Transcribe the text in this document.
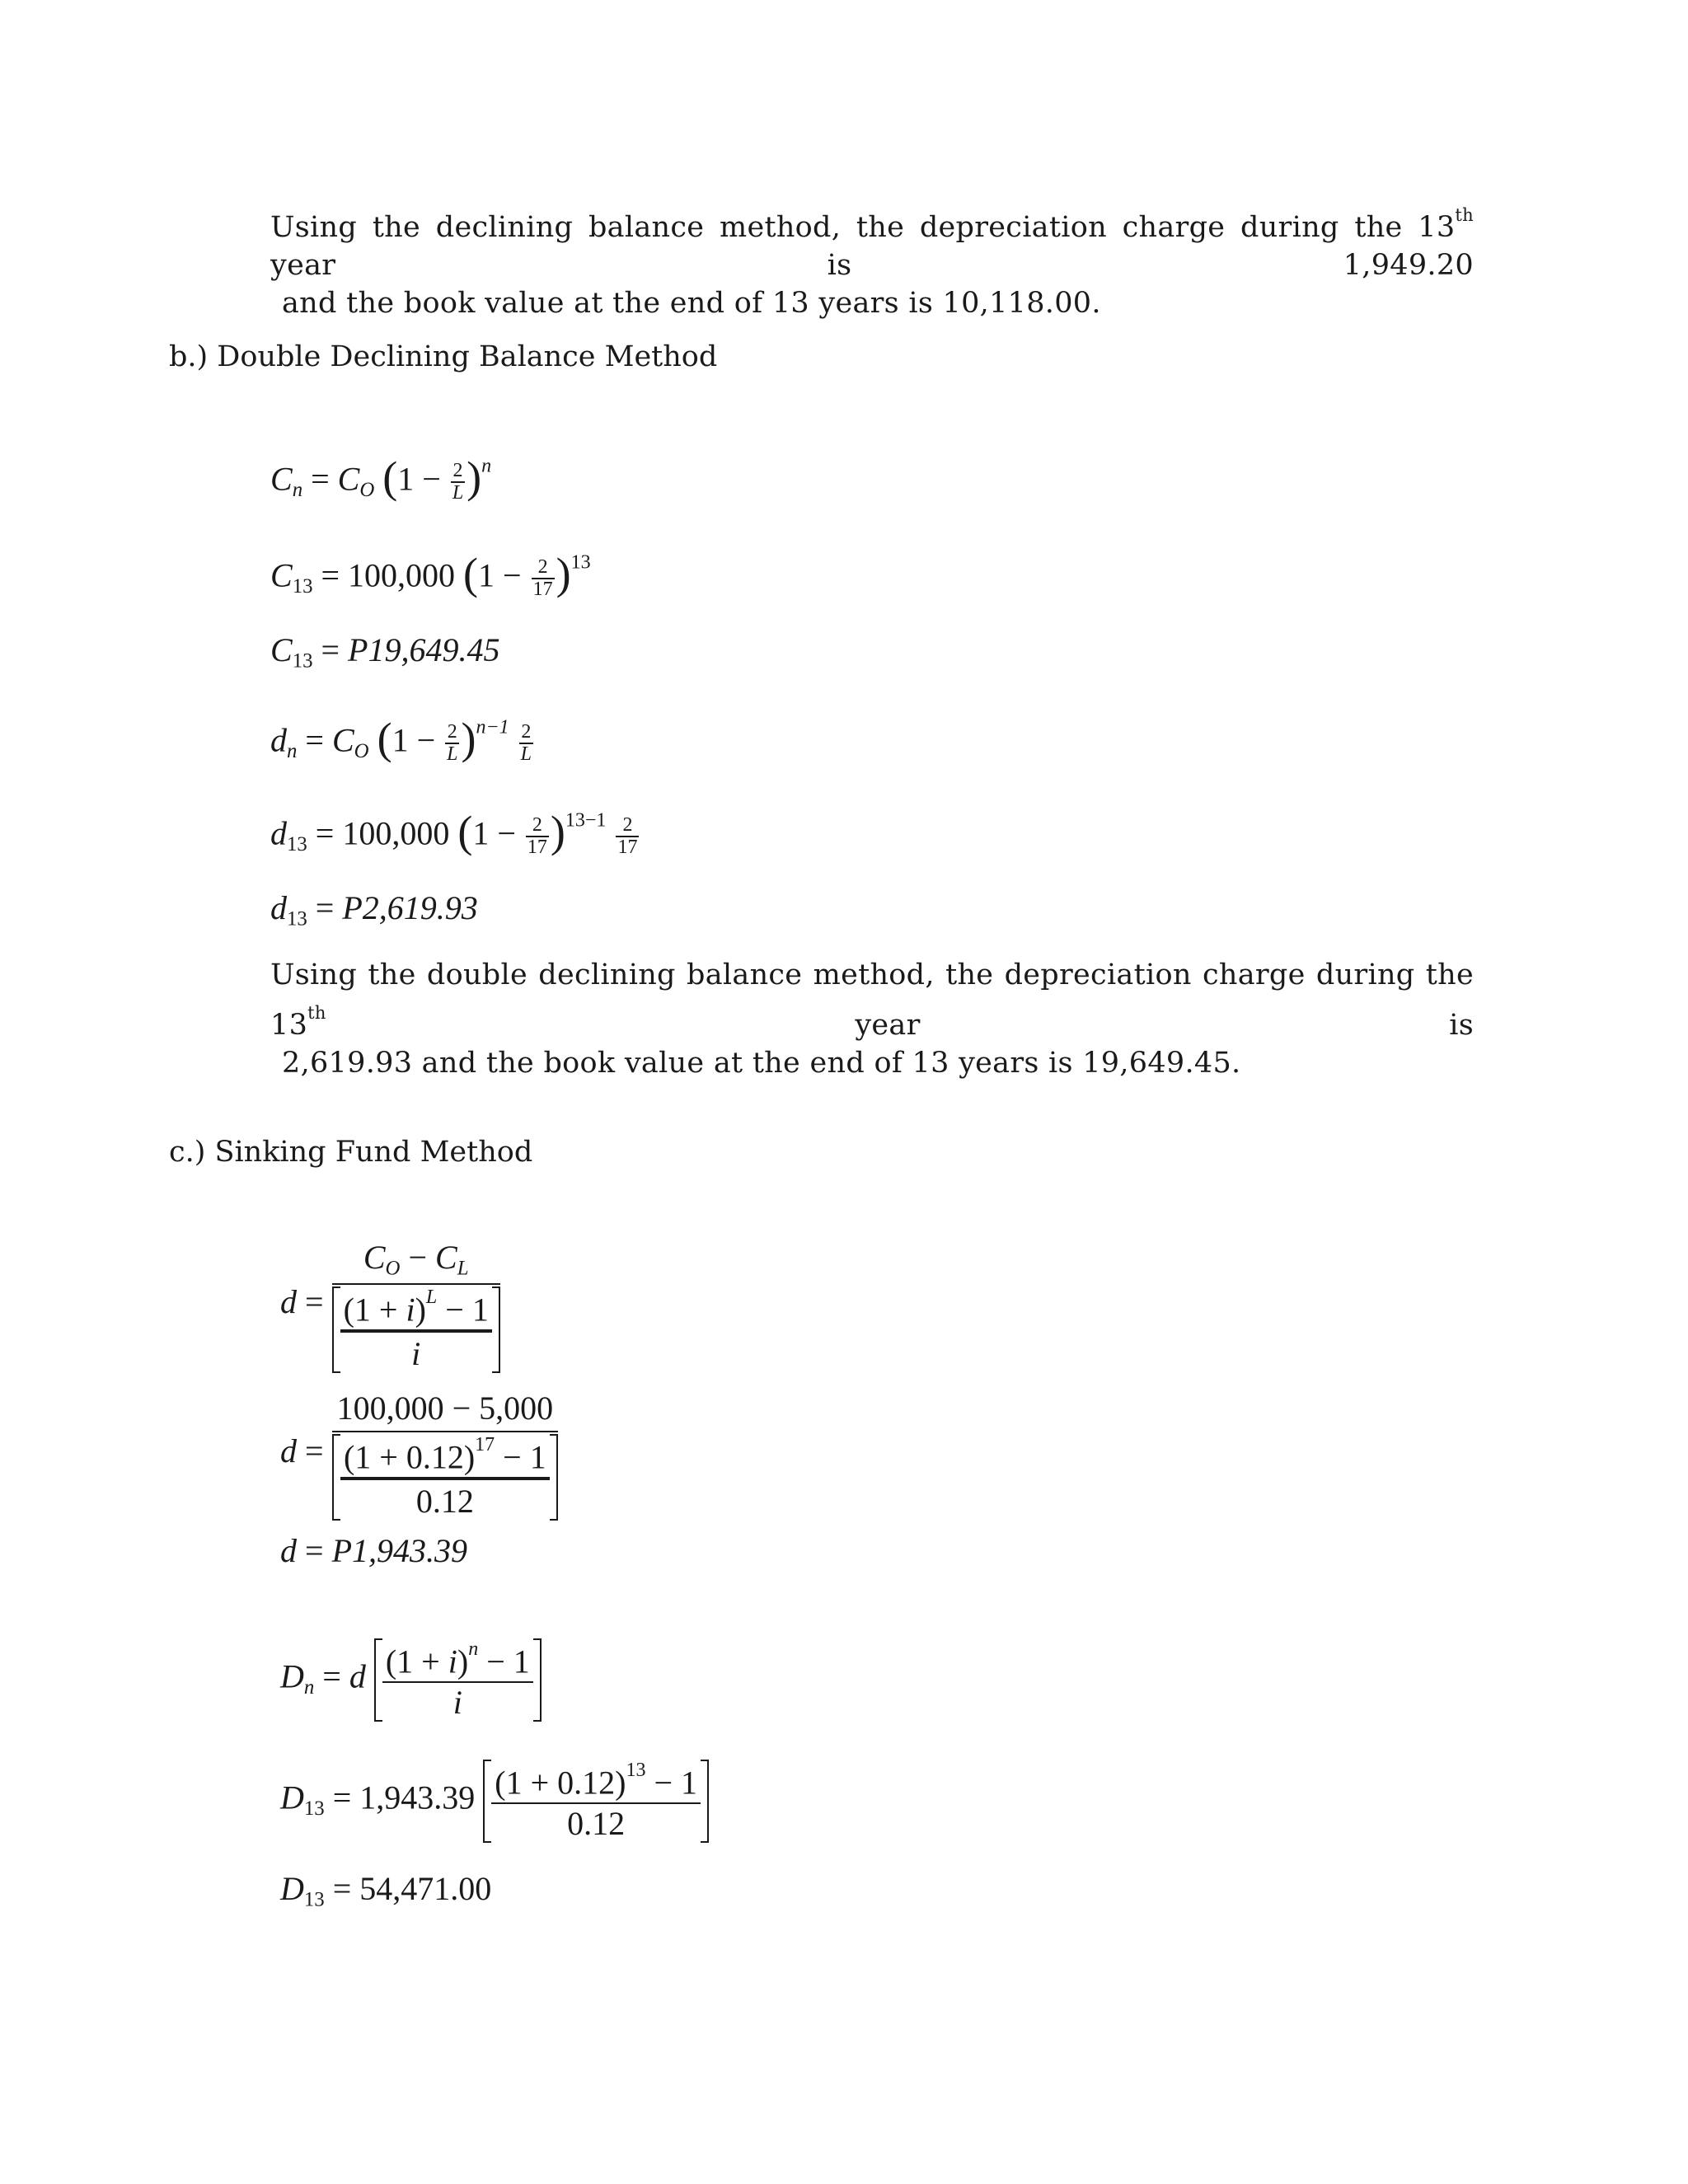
Using the declining balance method, the depreciation charge during the 13th year is 1,949.20
and the book value at the end of 13 years is 10,118.00.
b.) Double Declining Balance Method
$C_n = C_O$ $(1 - \frac{2}{L} )^n$
$C_{13} = 100,000$ $(1 - \frac{2}{17} )^{13}$
$C_{13} = P19,649.45$
$d_n = C_O$ $(1 - \frac{2}{L} )^{n-1} \frac{2}{L}$
$d_{13} = 100,000$ $(1 - \frac{2}{17} )^{13-1} \frac{2}{17}$
$d_{13} = P2,619.93$
Using the double declining balance method, the depreciation charge during the 13th year is
2,619.93 and the book value at the end of 13 years is 19,649.45.
c.) Sinking Fund Method
$d = \frac{C_O - C_L}{\frac{(1 + i)^L - 1}{i}}$
$d = \frac{100,000 - 5,000}{\frac{(1 + 0.12)^{17} - 1}{0.12}}$
d = P1,943.39
$D_n = d \frac{(1 + i)^n - 1}{i}$
$D_{13} = 1,943.39 \frac{(1 + 0.12)^{13} - 1}{0.12}$
$D_{13} = 54,471.00$
